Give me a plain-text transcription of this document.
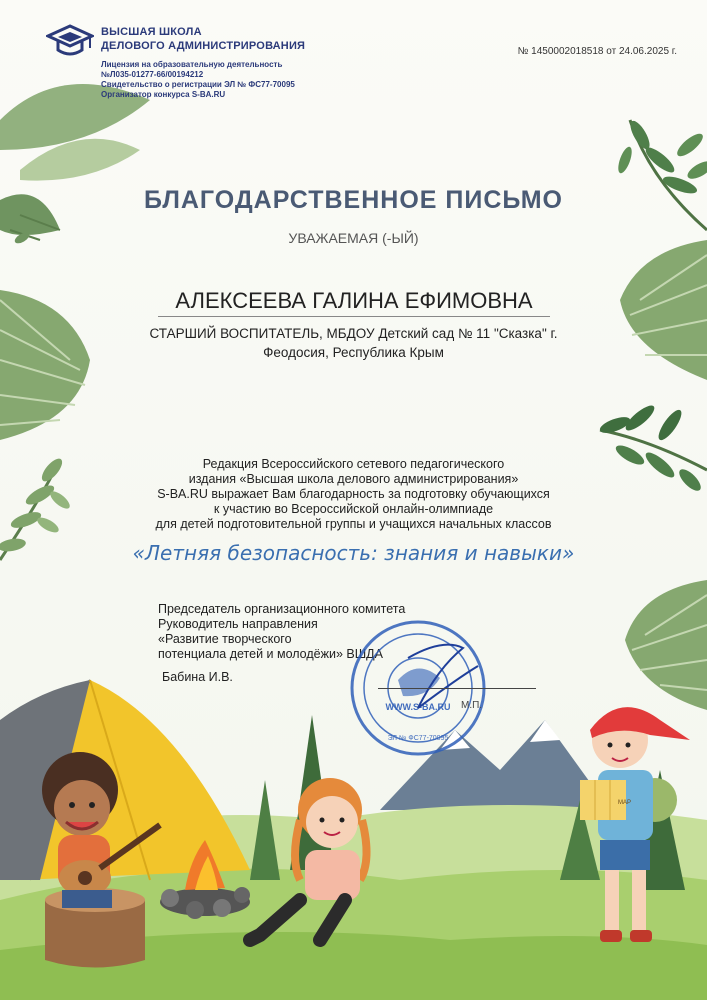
MAP
ВЫСШАЯ ШКОЛА
ДЕЛОВОГО АДМИНИСТРИРОВАНИЯ
Лицензия на образовательную деятельность
№Л035-01277-66/00194212
Свидетельство о регистрации ЭЛ № ФС77-70095
Организатор конкурса S-BA.RU
№ 1450002018518 от 24.06.2025 г.
БЛАГОДАРСТВЕННОЕ ПИСЬМО
УВАЖАЕМАЯ (-ЫЙ)
АЛЕКСЕЕВА ГАЛИНА ЕФИМОВНА
СТАРШИЙ ВОСПИТАТЕЛЬ, МБДОУ Детский сад № 11 "Сказка" г.
Феодосия, Республика Крым
Редакция Всероссийского сетевого педагогического
издания «Высшая школа делового администрирования»
S-BA.RU выражает Вам благодарность за подготовку обучающихся
к участию во Всероссийской онлайн-олимпиаде
для детей подготовительной группы и учащихся начальных классов
«Летняя безопасность: знания и навыки»
Председатель организационного комитета
Руководитель направления
«Развитие творческого
потенциала детей и молодёжи» ВШДА
Бабина И.В.
WWW.S-BA.RU
ЭЛ № ФС77-70095
М.П.
